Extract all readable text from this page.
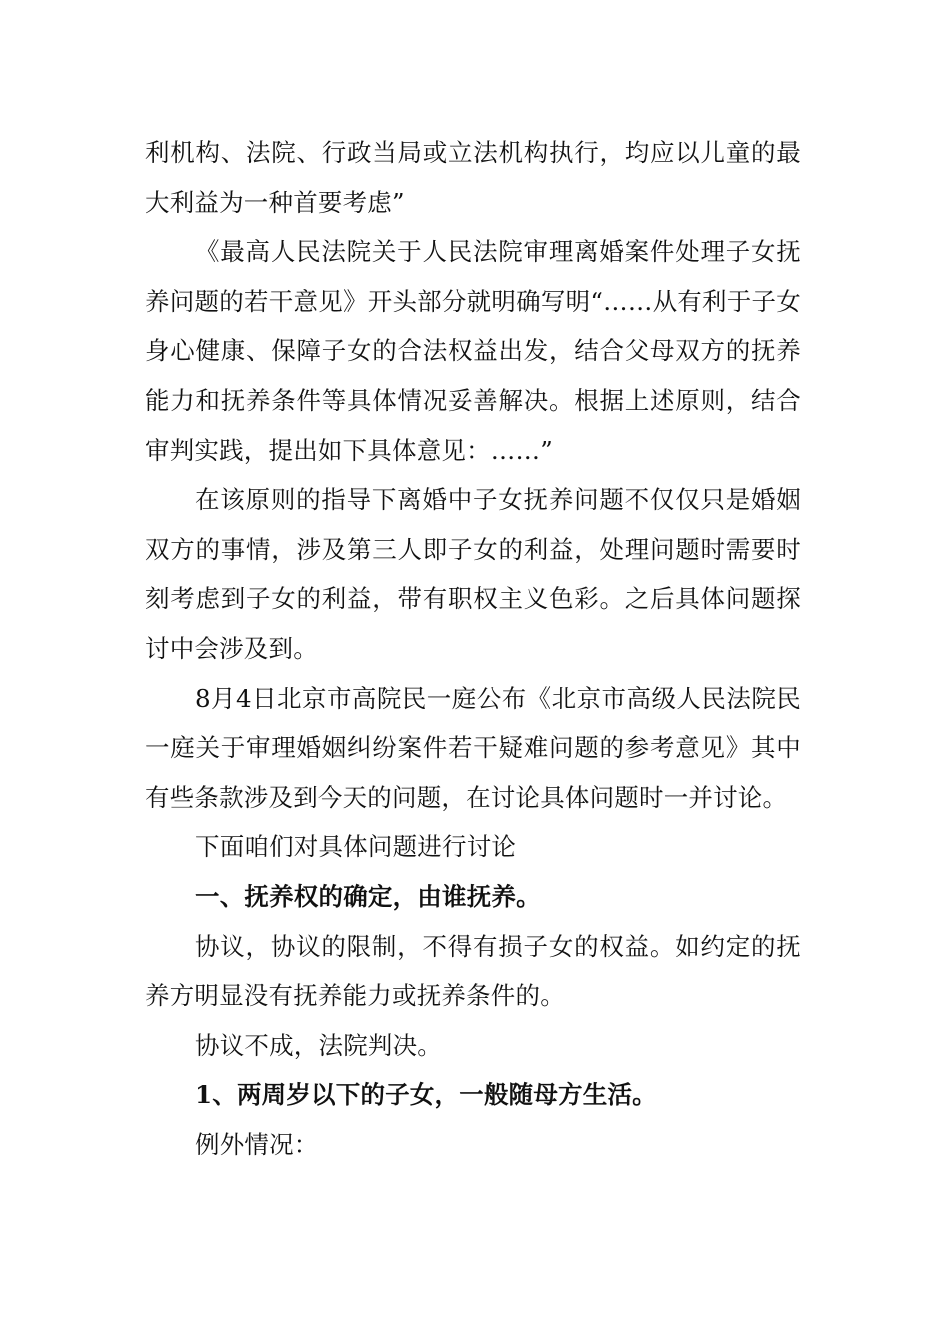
利机构、法院、行政当局或立法机构执行，均应以儿童的最大利益为一种首要考虑”

《最高人民法院关于人民法院审理离婚案件处理子女抚养问题的若干意见》开头部分就明确写明“……从有利于子女身心健康、保障子女的合法权益出发，结合父母双方的抚养能力和抚养条件等具体情况妥善解决。根据上述原则，结合审判实践，提出如下具体意见：……”

在该原则的指导下离婚中子女抚养问题不仅仅只是婚姻双方的事情，涉及第三人即子女的利益，处理问题时需要时刻考虑到子女的利益，带有职权主义色彩。之后具体问题探讨中会涉及到。

8月4日北京市高院民一庭公布《北京市高级人民法院民一庭关于审理婚姻纠纷案件若干疑难问题的参考意见》其中有些条款涉及到今天的问题，在讨论具体问题时一并讨论。

下面咱们对具体问题进行讨论

一、抚养权的确定，由谁抚养。

协议，协议的限制，不得有损子女的权益。如约定的抚养方明显没有抚养能力或抚养条件的。

协议不成，法院判决。

1、两周岁以下的子女，一般随母方生活。

例外情况：
